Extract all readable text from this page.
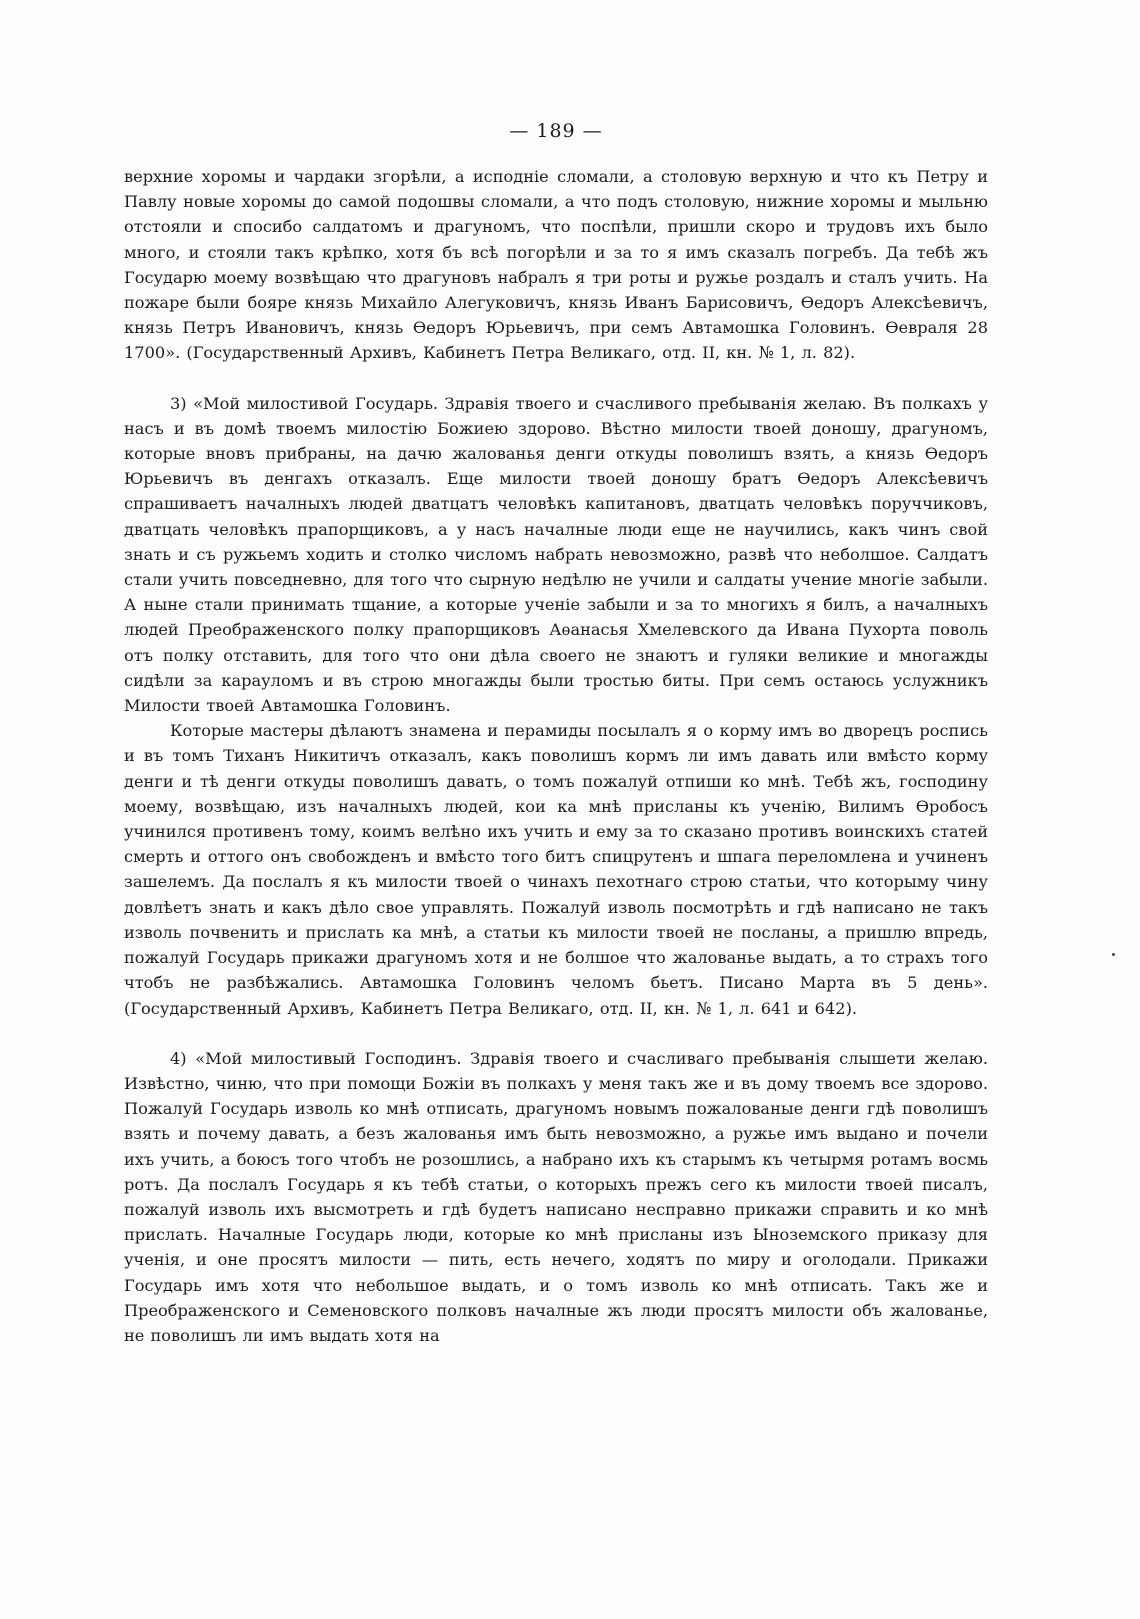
— 189 —

верхние хоромы и чардаки згорѣли, а исподніе сломали, а столовую верхную и что къ Петру и Павлу новые хоромы до самой подошвы сломали, а что подъ столовую, нижние хоромы и мыльню отстояли и спосибо салдатомъ и драгуномъ, что поспѣли, пришли скоро и трудовъ ихъ было много, и стояли такъ крѣпко, хотя бъ всѣ погорѣли и за то я имъ сказалъ погребъ. Да тебѣ жъ Государю моему возвѣщаю что драгуновъ набралъ я три роты и ружье роздалъ и сталъ учить. На пожаре были бояре князь Михайло Алегуковичъ, князь Иванъ Барисовичъ, Ѳедоръ Алексѣевичъ, князь Петръ Ивановичъ, князь Ѳедоръ Юрьевичъ, при семъ Автамошка Головинъ. Ѳевраля 28 1700». (Государственный Архивъ, Кабинетъ Петра Великаго, отд. II, кн. № 1, л. 82).

3) «Мой милостивой Государь. Здравія твоего и счасливого пребыванія желаю. Въ полкахъ у насъ и въ домѣ твоемъ милостію Божиею здорово. Вѣстно милости твоей доношу, драгуномъ, которые вновъ прибраны, на дачю жалованья денги откуды поволишъ взять, а князь Ѳедоръ Юрьевичъ въ денгахъ отказалъ. Еще милости твоей доношу братъ Ѳедоръ Алексѣевичъ спрашиваетъ началныхъ людей дватцатъ человѣкъ капитановъ, дватцать человѣкъ поруччиковъ, дватцать человѣкъ прапорщиковъ, а у насъ началные люди еще не научились, какъ чинъ свой знать и съ ружьемъ ходить и столко числомъ набрать невозможно, развѣ что неболшое. Салдатъ стали учить повседневно, для того что сырную недѣлю не учили и салдаты учение многіе забыли. А ныне стали принимать тщание, а которые ученіе забыли и за то многихъ я билъ, а началныхъ людей Преображенского полку прапорщиковъ Аѳанасья Хмелевского да Ивана Пухорта поволь отъ полку отставить, для того что они дѣла своего не знаютъ и гуляки великие и многажды сидѣли за карауломъ и въ строю многажды были тростью биты. При семъ остаюсь услужникъ Милости твоей Автамошка Головинъ.

Которые мастеры дѣлаютъ знамена и перамиды посылалъ я о корму имъ во дворецъ роспись и въ томъ Тиханъ Никитичъ отказалъ, какъ поволишъ кормъ ли имъ давать или вмѣсто корму денги и тѣ денги откуды поволишъ давать, о томъ пожалуй отпиши ко мнѣ. Тебѣ жъ, господину моему, возвѣщаю, изъ началныхъ людей, кои ка мнѣ присланы къ ученію, Вилимъ Ѳробосъ учинился противенъ тому, коимъ велѣно ихъ учить и ему за то сказано противъ воинскихъ статей смерть и оттого онъ свобожденъ и вмѣсто того битъ спицрутенъ и шпага переломлена и учиненъ зашелемъ. Да послалъ я къ милости твоей о чинахъ пехотнаго строю статьи, что которыму чину довлѣетъ знать и какъ дѣло свое управлять. Пожалуй изволь посмотрѣть и гдѣ написано не такъ изволь почвенить и прислать ка мнѣ, а статьи къ милости твоей не посланы, а пришлю впредь, пожалуй Государь прикажи драгуномъ хотя и не болшое что жалованье выдать, а то страхъ того чтобъ не разбѣжались. Автамошка Головинъ челомъ бьетъ. Писано Марта въ 5 день». (Государственный Архивъ, Кабинетъ Петра Великаго, отд. II, кн. № 1, л. 641 и 642).

4) «Мой милостивый Господинъ. Здравія твоего и счасливаго пребыванія слышети желаю. Извѣстно, чиню, что при помощи Божіи въ полкахъ у меня такъ же и въ дому твоемъ все здорово. Пожалуй Государь изволь ко мнѣ отписать, драгуномъ новымъ пожалованые денги гдѣ поволишъ взять и почему давать, а безъ жалованья имъ быть невозможно, а ружье имъ выдано и почели ихъ учить, а боюсъ того чтобъ не розошлись, а набрано ихъ къ старымъ къ четырмя ротамъ восмь ротъ. Да послалъ Государь я къ тебѣ статьи, о которыхъ прежъ сего къ милости твоей писалъ, пожалуй изволь ихъ высмотреть и гдѣ будетъ написано несправно прикажи справить и ко мнѣ прислать. Началные Государь люди, которые ко мнѣ присланы изъ Ыноземского приказу для ученія, и оне просятъ милости — пить, есть нечего, ходятъ по миру и оголодали. Прикажи Государь имъ хотя что небольшое выдать, и о томъ изволь ко мнѣ отписать. Такъ же и Преображенского и Семеновского полковъ началные жъ люди просятъ милости объ жалованье, не поволишъ ли имъ выдать хотя на
